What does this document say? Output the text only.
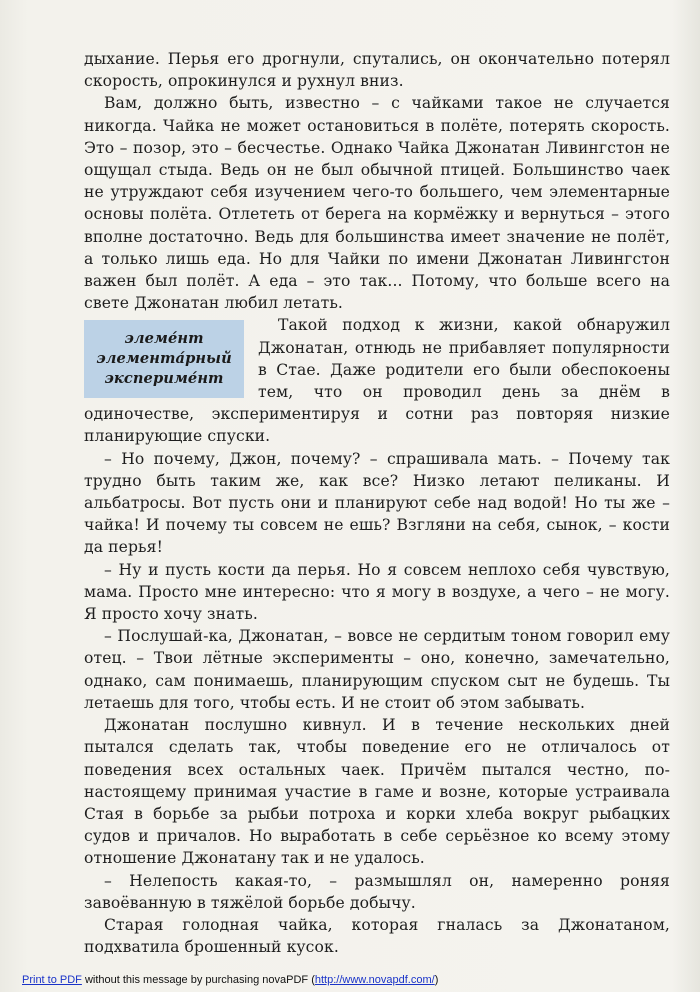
дыхание. Перья его дрогнули, спутались, он окончательно потерял скорость, опрокинулся и рухнул вниз.

Вам, должно быть, известно – с чайками такое не случается никогда. Чайка не может остановиться в полёте, потерять скорость. Это – позор, это – бесчестье. Однако Чайка Джонатан Ливингстон не ощущал стыда. Ведь он не был обычной птицей. Большинство чаек не утруждают себя изучением чего-то большего, чем элементарные основы полёта. Отлететь от берега на кормёжку и вернуться – этого вполне достаточно. Ведь для большинства имеет значение не полёт, а только лишь еда. Но для Чайки по имени Джонатан Ливингстон важен был полёт. А еда – это так... Потому, что больше всего на свете Джонатан любил летать.

элеме́нт
элемента́рный
экспериме́нт

Такой подход к жизни, какой обнаружил Джонатан, отнюдь не прибавляет популярности в Стае. Даже родители его были обеспокоены тем, что он проводил день за днём в одиночестве, экспериментируя и сотни раз повторяя низкие планирующие спуски.

– Но почему, Джон, почему? – спрашивала мать. – Почему так трудно быть таким же, как все? Низко летают пеликаны. И альбатросы. Вот пусть они и планируют себе над водой! Но ты же – чайка! И почему ты совсем не ешь? Взгляни на себя, сынок, – кости да перья!

– Ну и пусть кости да перья. Но я совсем неплохо себя чувствую, мама. Просто мне интересно: что я могу в воздухе, а чего – не могу. Я просто хочу знать.

– Послушай-ка, Джонатан, – вовсе не сердитым тоном говорил ему отец. – Твои лётные эксперименты – оно, конечно, замечательно, однако, сам понимаешь, планирующим спуском сыт не будешь. Ты летаешь для того, чтобы есть. И не стоит об этом забывать.

Джонатан послушно кивнул. И в течение нескольких дней пытался сделать так, чтобы поведение его не отличалось от поведения всех остальных чаек. Причём пытался честно, по-настоящему принимая участие в гаме и возне, которые устраивала Стая в борьбе за рыбьи потроха и корки хлеба вокруг рыбацких судов и причалов. Но выработать в себе серьёзное ко всему этому отношение Джонатану так и не удалось.

– Нелепость какая-то, – размышлял он, намеренно роняя завоёванную в тяжёлой борьбе добычу.

Старая голодная чайка, которая гналась за Джонатаном, подхватила брошенный кусок.

Print to PDF without this message by purchasing novaPDF (http://www.novapdf.com/)
